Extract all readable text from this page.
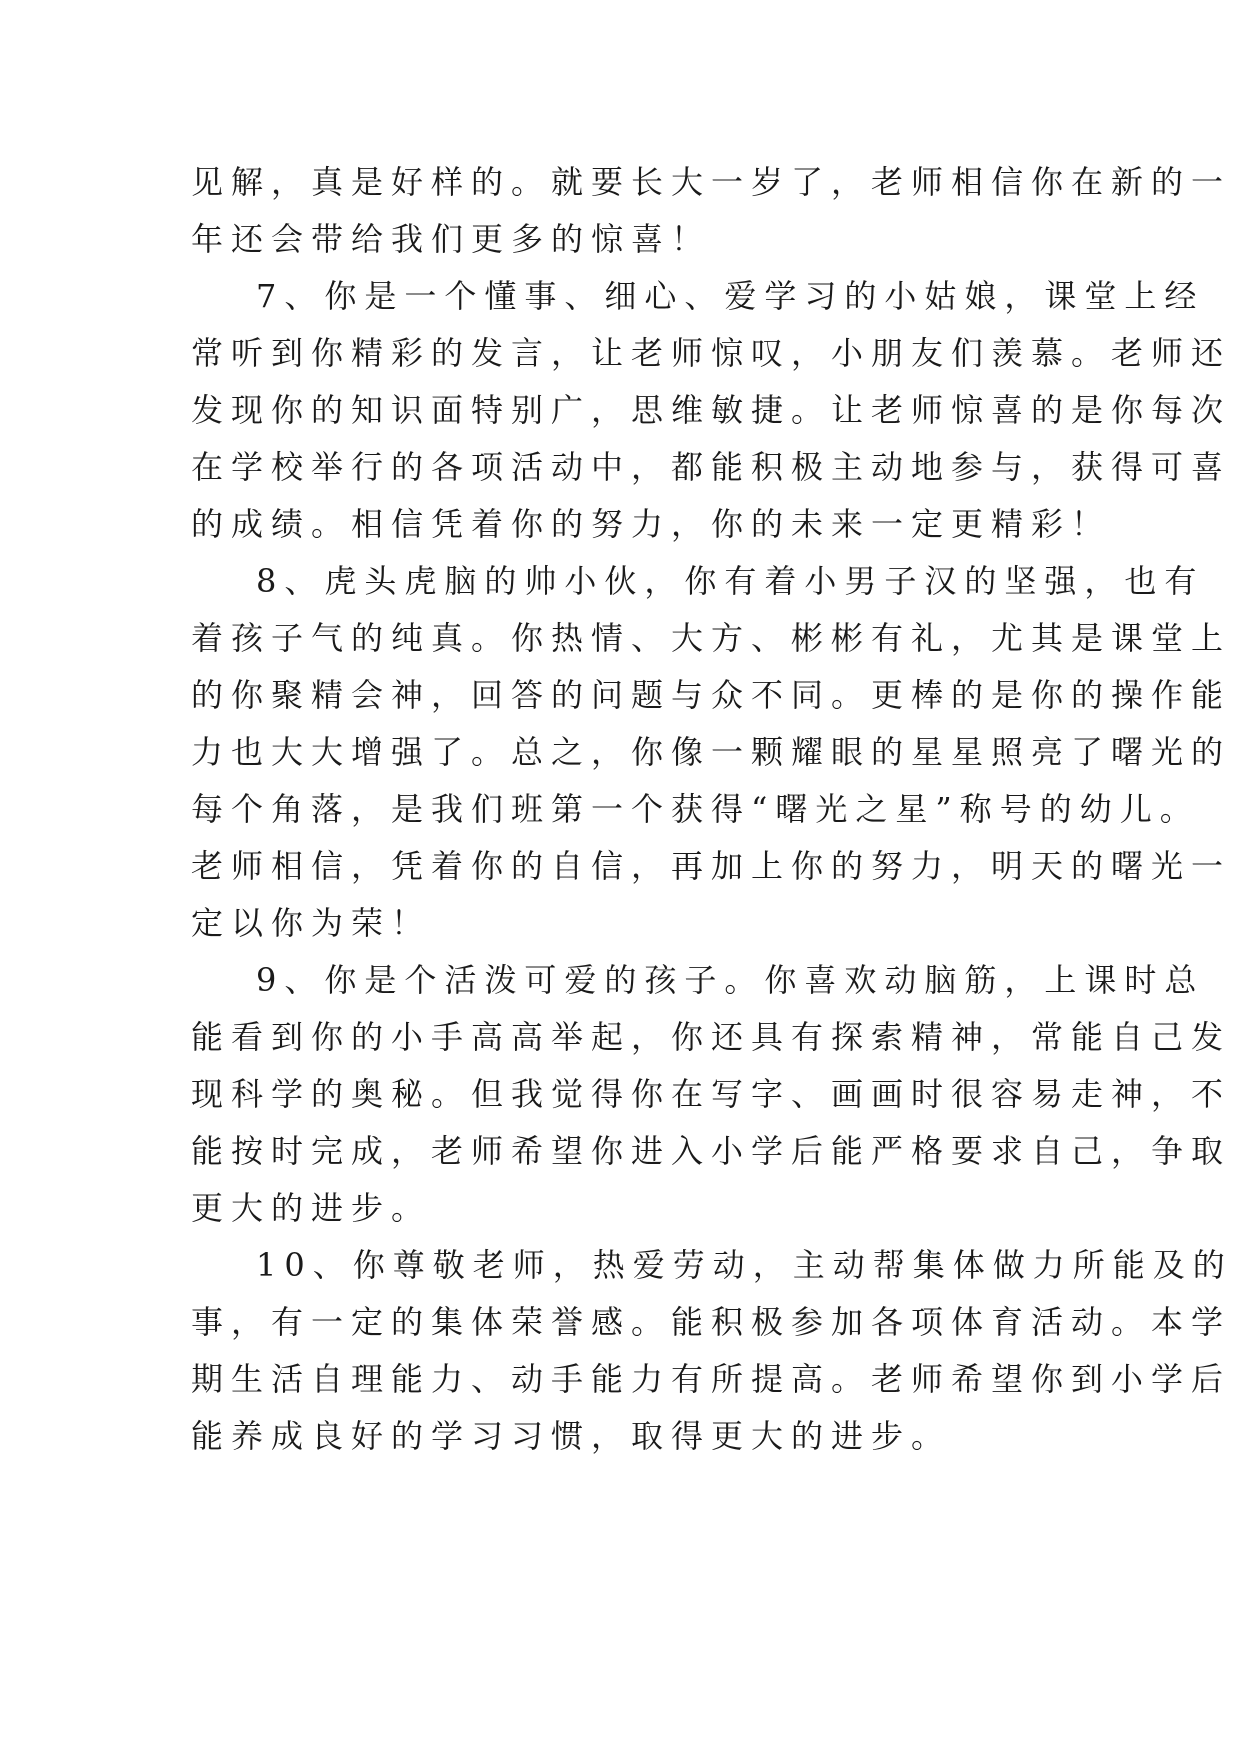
见解，真是好样的。就要长大一岁了，老师相信你在新的一
年还会带给我们更多的惊喜！
7、你是一个懂事、细心、爱学习的小姑娘，课堂上经
常听到你精彩的发言，让老师惊叹，小朋友们羡慕。老师还
发现你的知识面特别广，思维敏捷。让老师惊喜的是你每次
在学校举行的各项活动中，都能积极主动地参与，获得可喜
的成绩。相信凭着你的努力，你的未来一定更精彩！
8、虎头虎脑的帅小伙，你有着小男子汉的坚强，也有
着孩子气的纯真。你热情、大方、彬彬有礼，尤其是课堂上
的你聚精会神，回答的问题与众不同。更棒的是你的操作能
力也大大增强了。总之，你像一颗耀眼的星星照亮了曙光的
每个角落，是我们班第一个获得“曙光之星”称号的幼儿。
老师相信，凭着你的自信，再加上你的努力，明天的曙光一
定以你为荣！
9、你是个活泼可爱的孩子。你喜欢动脑筋，上课时总
能看到你的小手高高举起，你还具有探索精神，常能自己发
现科学的奥秘。但我觉得你在写字、画画时很容易走神，不
能按时完成，老师希望你进入小学后能严格要求自己，争取
更大的进步。
10、你尊敬老师，热爱劳动，主动帮集体做力所能及的
事，有一定的集体荣誉感。能积极参加各项体育活动。本学
期生活自理能力、动手能力有所提高。老师希望你到小学后
能养成良好的学习习惯，取得更大的进步。
